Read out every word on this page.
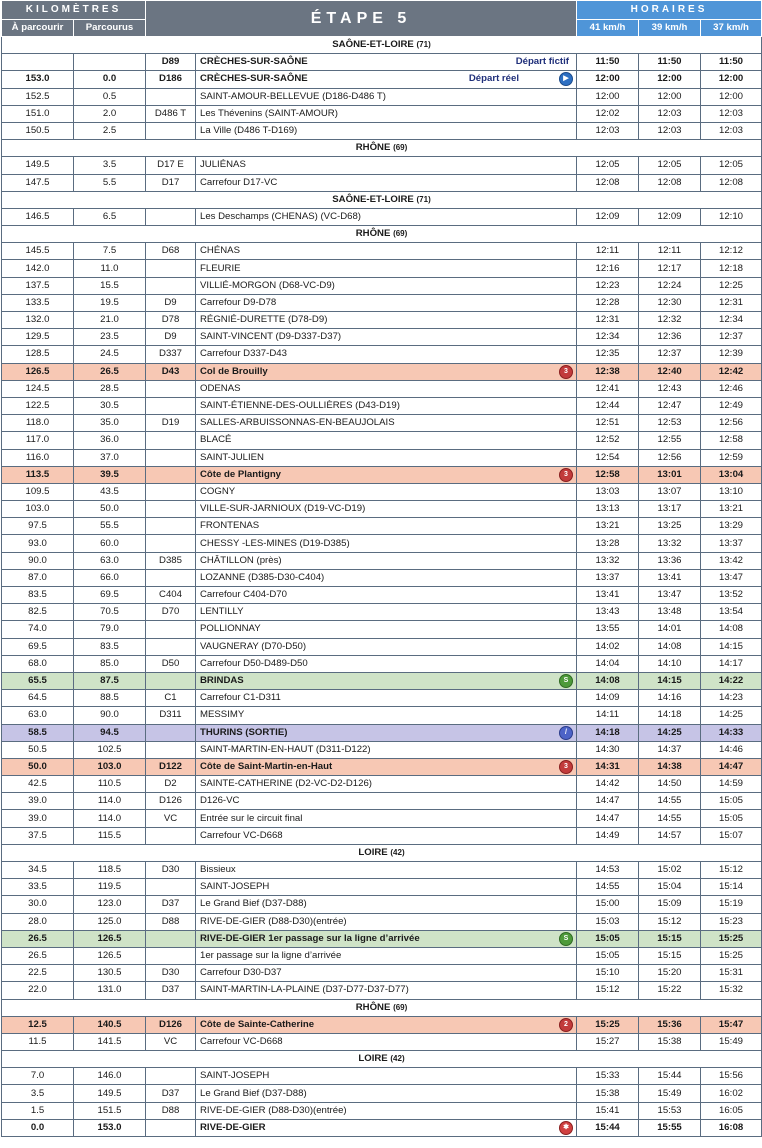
KILOMÈTRES		ÉTAPE 5		HORAIRES		
À parcourir	Parcourus			41 km/h	39 km/h	37 km/h
SAÔNE-ET-LOIRE (71)						
		D89	CRÈCHES-SUR-SAÔNE Départ fictif	11:50	11:50	11:50
153.0	0.0	D186	CRÈCHES-SUR-SAÔNE Départ réel ▶	12:00	12:00	12:00
152.5	0.5		SAINT-AMOUR-BELLEVUE (D186-D486 T)	12:00	12:00	12:00
151.0	2.0	D486 T	Les Thévenins (SAINT-AMOUR)	12:02	12:03	12:03
150.5	2.5		La Ville (D486 T-D169)	12:03	12:03	12:03
RHÔNE (69)						
149.5	3.5	D17 E	JULIÉNAS	12:05	12:05	12:05
147.5	5.5	D17	Carrefour D17-VC	12:08	12:08	12:08
SAÔNE-ET-LOIRE (71)						
146.5	6.5		Les Deschamps (CHENAS) (VC-D68)	12:09	12:09	12:10
RHÔNE (69)						
145.5	7.5	D68	CHÉNAS	12:11	12:11	12:12
142.0	11.0		FLEURIE	12:16	12:17	12:18
137.5	15.5		VILLIÉ-MORGON (D68-VC-D9)	12:23	12:24	12:25
133.5	19.5	D9	Carrefour D9-D78	12:28	12:30	12:31
132.0	21.0	D78	RÉGNIÉ-DURETTE (D78-D9)	12:31	12:32	12:34
129.5	23.5	D9	SAINT-VINCENT (D9-D337-D37)	12:34	12:36	12:37
128.5	24.5	D337	Carrefour D337-D43	12:35	12:37	12:39
126.5	26.5	D43	Col de Brouilly 3	12:38	12:40	12:42
124.5	28.5		ODENAS	12:41	12:43	12:46
122.5	30.5		SAINT-ÉTIENNE-DES-OULLIÈRES (D43-D19)	12:44	12:47	12:49
118.0	35.0	D19	SALLES-ARBUISSONNAS-EN-BEAUJOLAIS	12:51	12:53	12:56
117.0	36.0		BLACÉ	12:52	12:55	12:58
116.0	37.0		SAINT-JULIEN	12:54	12:56	12:59
113.5	39.5		Côte de Plantigny 3	12:58	13:01	13:04
109.5	43.5		COGNY	13:03	13:07	13:10
103.0	50.0		VILLE-SUR-JARNIOUX (D19-VC-D19)	13:13	13:17	13:21
97.5	55.5		FRONTENAS	13:21	13:25	13:29
93.0	60.0		CHESSY -LES-MINES (D19-D385)	13:28	13:32	13:37
90.0	63.0	D385	CHÂTILLON (près)	13:32	13:36	13:42
87.0	66.0		LOZANNE (D385-D30-C404)	13:37	13:41	13:47
83.5	69.5	C404	Carrefour C404-D70	13:41	13:47	13:52
82.5	70.5	D70	LENTILLY	13:43	13:48	13:54
74.0	79.0		POLLIONNAY	13:55	14:01	14:08
69.5	83.5		VAUGNERAY (D70-D50)	14:02	14:08	14:15
68.0	85.0	D50	Carrefour D50-D489-D50	14:04	14:10	14:17
65.5	87.5		BRINDAS S	14:08	14:15	14:22
64.5	88.5	C1	Carrefour C1-D311	14:09	14:16	14:23
63.0	90.0	D311	MESSIMY	14:11	14:18	14:25
58.5	94.5		THURINS (SORTIE) /	14:18	14:25	14:33
50.5	102.5		SAINT-MARTIN-EN-HAUT (D311-D122)	14:30	14:37	14:46
50.0	103.0	D122	Côte de Saint-Martin-en-Haut 3	14:31	14:38	14:47
42.5	110.5	D2	SAINTE-CATHERINE (D2-VC-D2-D126)	14:42	14:50	14:59
39.0	114.0	D126	D126-VC	14:47	14:55	15:05
39.0	114.0	VC	Entrée sur le circuit final	14:47	14:55	15:05
37.5	115.5		Carrefour VC-D668	14:49	14:57	15:07
LOIRE (42)						
34.5	118.5	D30	Bissieux	14:53	15:02	15:12
33.5	119.5		SAINT-JOSEPH	14:55	15:04	15:14
30.0	123.0	D37	Le Grand Bief (D37-D88)	15:00	15:09	15:19
28.0	125.0	D88	RIVE-DE-GIER (D88-D30)(entrée)	15:03	15:12	15:23
26.5	126.5		RIVE-DE-GIER 1er passage sur la ligne d’arrivée S	15:05	15:15	15:25
26.5	126.5		1er passage sur la ligne d’arrivée	15:05	15:15	15:25
22.5	130.5	D30	Carrefour D30-D37	15:10	15:20	15:31
22.0	131.0	D37	SAINT-MARTIN-LA-PLAINE (D37-D77-D37-D77)	15:12	15:22	15:32
RHÔNE (69)						
12.5	140.5	D126	Côte de Sainte-Catherine 2	15:25	15:36	15:47
11.5	141.5	VC	Carrefour VC-D668	15:27	15:38	15:49
LOIRE (42)						
7.0	146.0		SAINT-JOSEPH	15:33	15:44	15:56
3.5	149.5	D37	Le Grand Bief (D37-D88)	15:38	15:49	16:02
1.5	151.5	D88	RIVE-DE-GIER (D88-D30)(entrée)	15:41	15:53	16:05
0.0	153.0		RIVE-DE-GIER ✱	15:44	15:55	16:08
